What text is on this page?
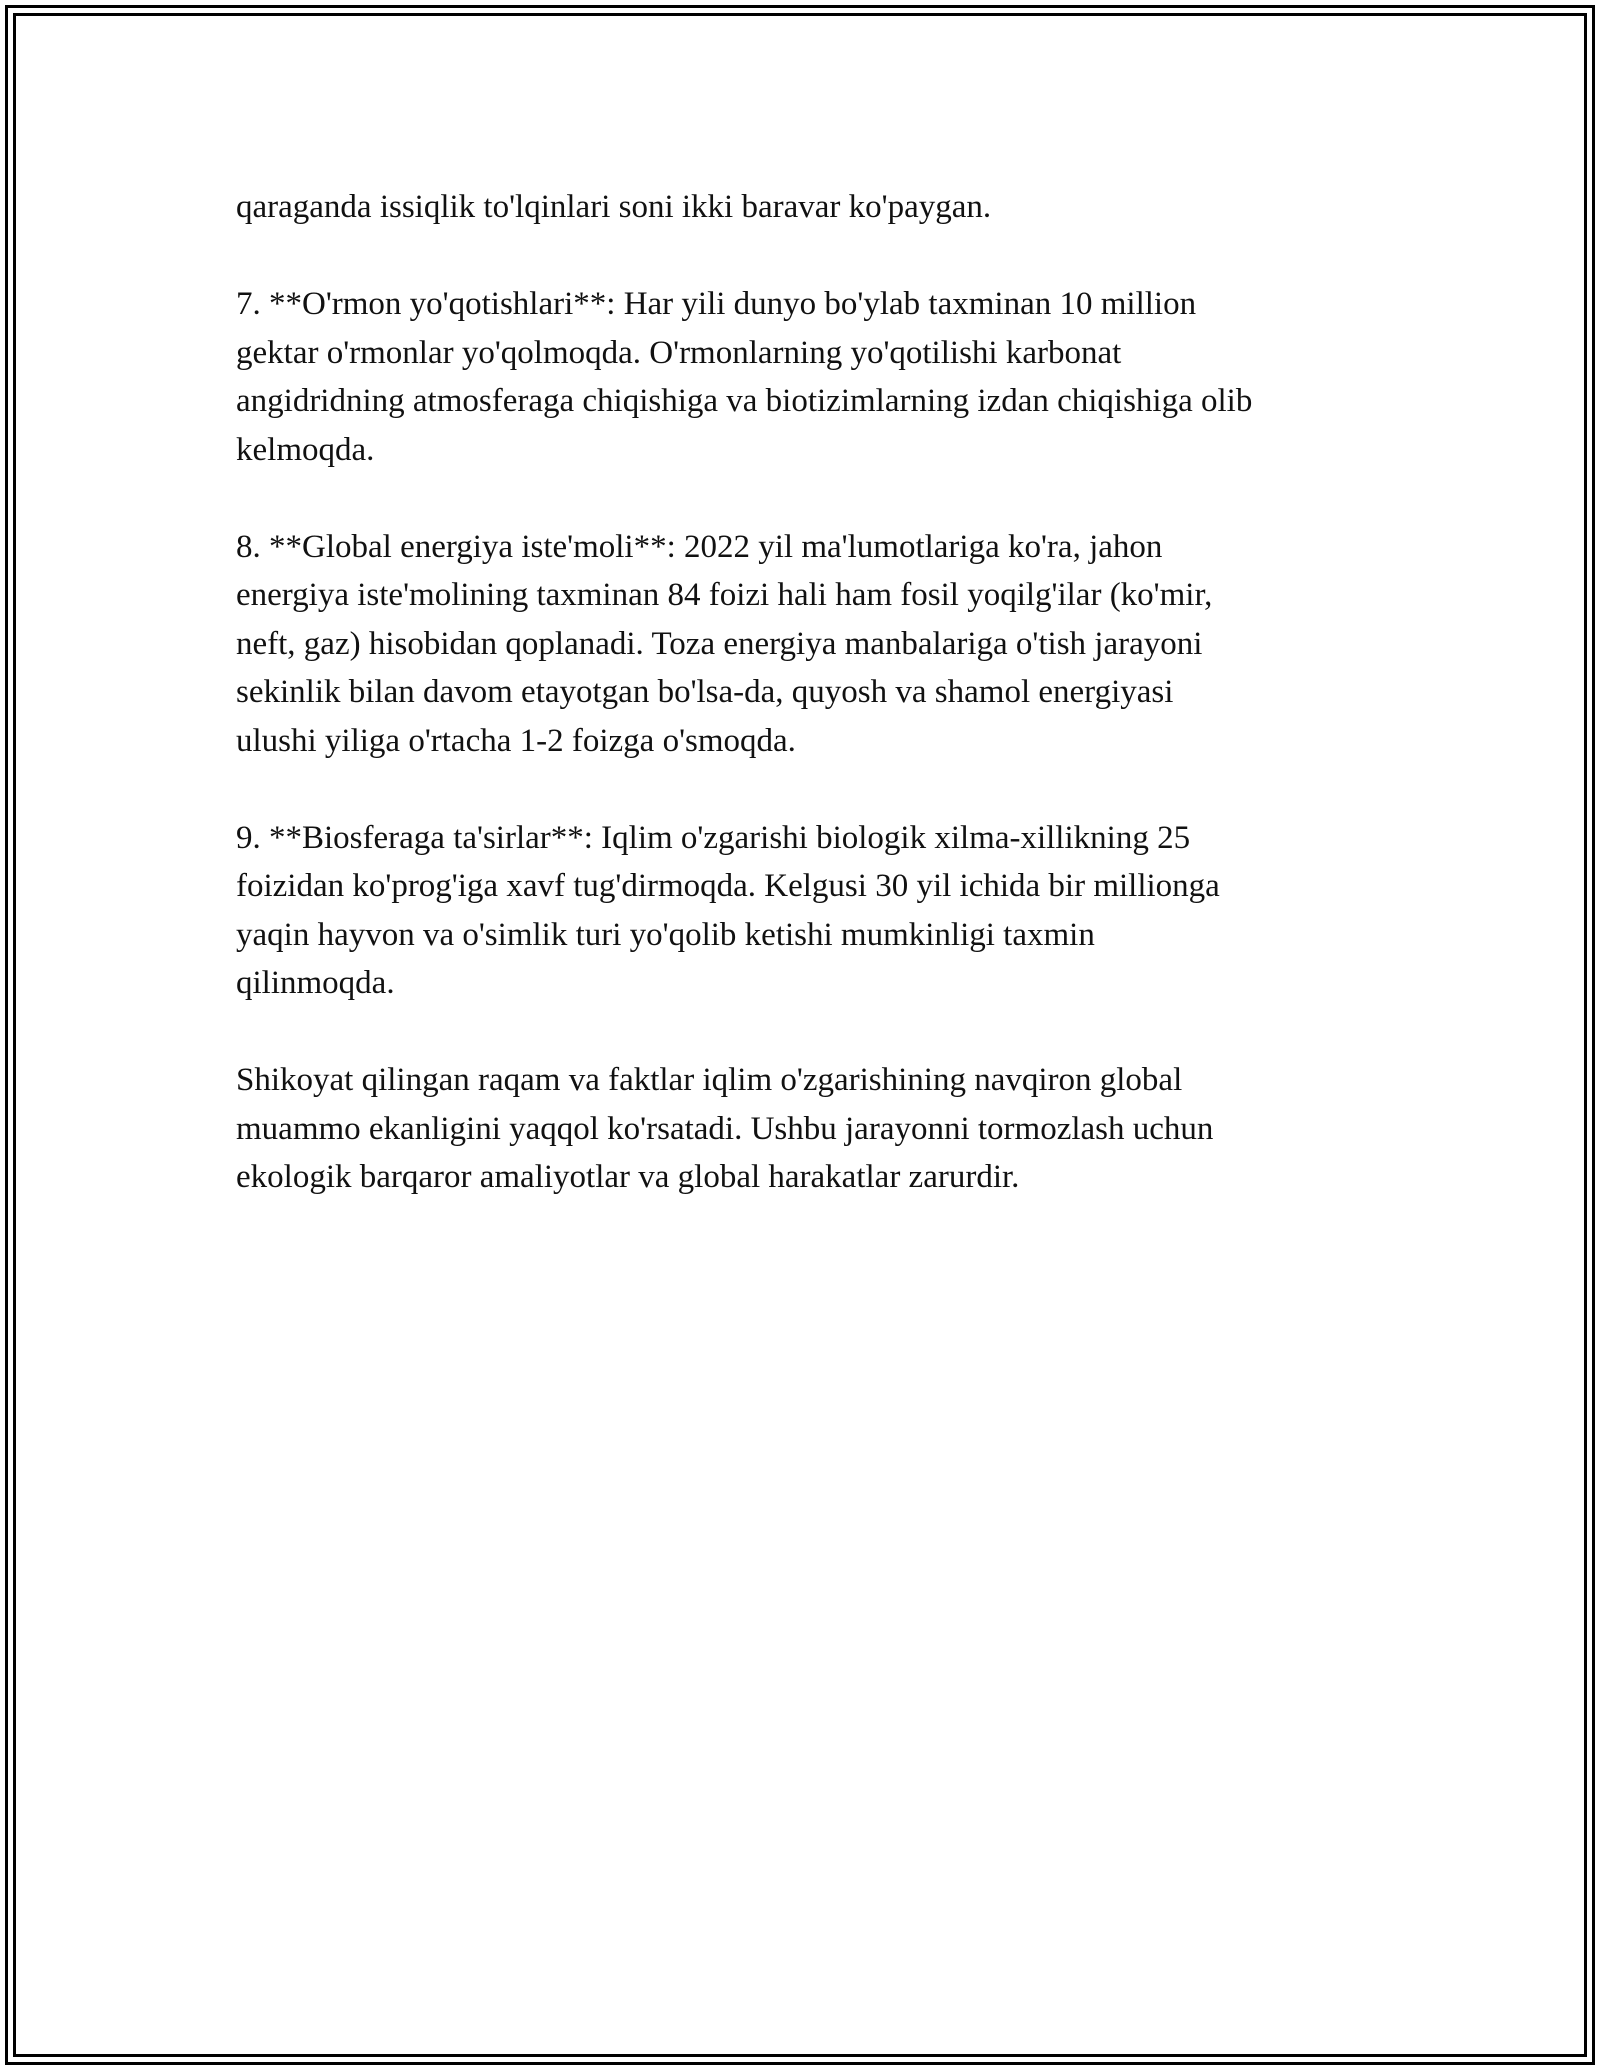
qaraganda issiqlik to'lqinlari soni ikki baravar ko'paygan.

7. **O'rmon yo'qotishlari**: Har yili dunyo bo'ylab taxminan 10 million
gektar o'rmonlar yo'qolmoqda. O'rmonlarning yo'qotilishi karbonat
angidridning atmosferaga chiqishiga va biotizimlarning izdan chiqishiga olib
kelmoqda.

8. **Global energiya iste'moli**: 2022 yil ma'lumotlariga ko'ra, jahon
energiya iste'molining taxminan 84 foizi hali ham fosil yoqilg'ilar (ko'mir,
neft, gaz) hisobidan qoplanadi. Toza energiya manbalariga o'tish jarayoni
sekinlik bilan davom etayotgan bo'lsa-da, quyosh va shamol energiyasi
ulushi yiliga o'rtacha 1-2 foizga o'smoqda.

9. **Biosferaga ta'sirlar**: Iqlim o'zgarishi biologik xilma-xillikning 25
foizidan ko'prog'iga xavf tug'dirmoqda. Kelgusi 30 yil ichida bir millionga
yaqin hayvon va o'simlik turi yo'qolib ketishi mumkinligi taxmin
qilinmoqda.

Shikoyat qilingan raqam va faktlar iqlim o'zgarishining navqiron global
muammo ekanligini yaqqol ko'rsatadi. Ushbu jarayonni tormozlash uchun
ekologik barqaror amaliyotlar va global harakatlar zarurdir.
